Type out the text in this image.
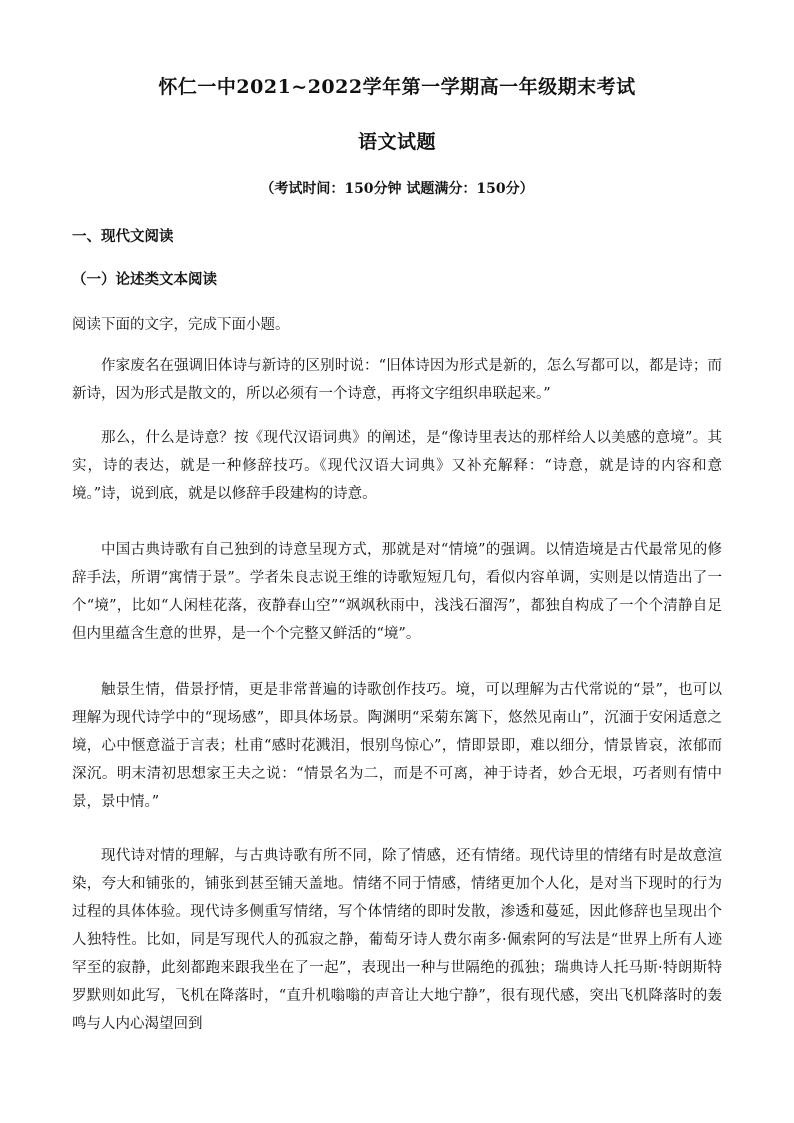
怀仁一中2021~2022学年第一学期高一年级期末考试
语文试题
（考试时间：150分钟 试题满分：150分）
一、现代文阅读
（一）论述类文本阅读

阅读下面的文字，完成下面小题。

作家废名在强调旧体诗与新诗的区别时说：“旧体诗因为形式是新的，怎么写都可以，都是诗；而新诗，因为形式是散文的，所以必须有一个诗意，再将文字组织串联起来。”

那么，什么是诗意？按《现代汉语词典》的阐述，是“像诗里表达的那样给人以美感的意境”。其实，诗的表达，就是一种修辞技巧。《现代汉语大词典》又补充解释：“诗意，就是诗的内容和意境。”诗，说到底，就是以修辞手段建构的诗意。

中国古典诗歌有自己独到的诗意呈现方式，那就是对“情境”的强调。以情造境是古代最常见的修辞手法，所谓“寓情于景”。学者朱良志说王维的诗歌短短几句，看似内容单调，实则是以情造出了一个“境”，比如“人闲桂花落，夜静春山空”“飒飒秋雨中，浅浅石溜泻”，都独自构成了一个个清静自足但内里蕴含生意的世界，是一个个完整又鲜活的“境”。

触景生情，借景抒情，更是非常普遍的诗歌创作技巧。境，可以理解为古代常说的“景”，也可以理解为现代诗学中的“现场感”，即具体场景。陶渊明“采菊东篱下，悠然见南山”，沉湎于安闲适意之境，心中惬意溢于言表；杜甫“感时花溅泪，恨别鸟惊心”，情即景即，难以细分，情景皆哀，浓郁而深沉。明末清初思想家王夫之说：“情景名为二，而是不可离，神于诗者，妙合无垠，巧者则有情中景，景中情。”

现代诗对情的理解，与古典诗歌有所不同，除了情感，还有情绪。现代诗里的情绪有时是故意渲染，夸大和铺张的，铺张到甚至铺天盖地。情绪不同于情感，情绪更加个人化，是对当下现时的行为过程的具体体验。现代诗多侧重写情绪，写个体情绪的即时发散，渗透和蔓延，因此修辞也呈现出个人独特性。比如，同是写现代人的孤寂之静，葡萄牙诗人费尔南多·佩索阿的写法是“世界上所有人迹罕至的寂静，此刻都跑来跟我坐在了一起”，表现出一种与世隔绝的孤独；瑞典诗人托马斯·特朗斯特罗默则如此写，飞机在降落时，“直升机嗡嗡的声音让大地宁静”，很有现代感，突出飞机降落时的轰鸣与人内心渴望回到
